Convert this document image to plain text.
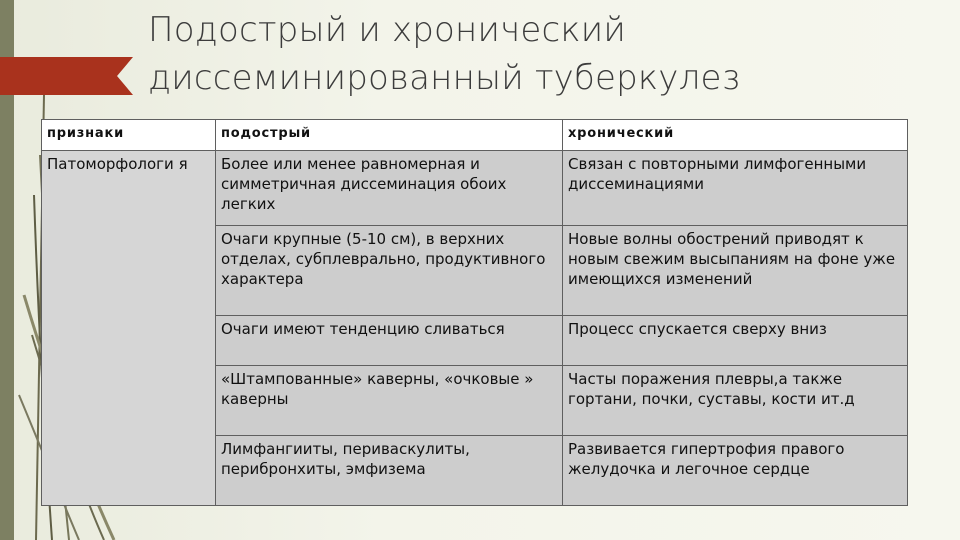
Подострый и хронический диссеминированный туберкулез
признаки	подострый	хронический
Патоморфологи я	Более или менее равномерная и симметричная диссеминация обоих легких	Связан с повторными лимфогенными диссеминациями
	Очаги крупные (5-10 см), в верхних отделах, субплеврально, продуктивного характера	Новые волны обострений приводят к новым свежим высыпаниям на фоне уже имеющихся изменений
	Очаги имеют тенденцию сливаться	Процесс спускается сверху вниз
	«Штампованные» каверны, «очковые » каверны	Часты поражения плевры,а также гортани, почки, суставы, кости ит.д
	Лимфангииты, периваскулиты, перибронхиты, эмфизема	Развивается гипертрофия правого желудочка и легочное сердце
